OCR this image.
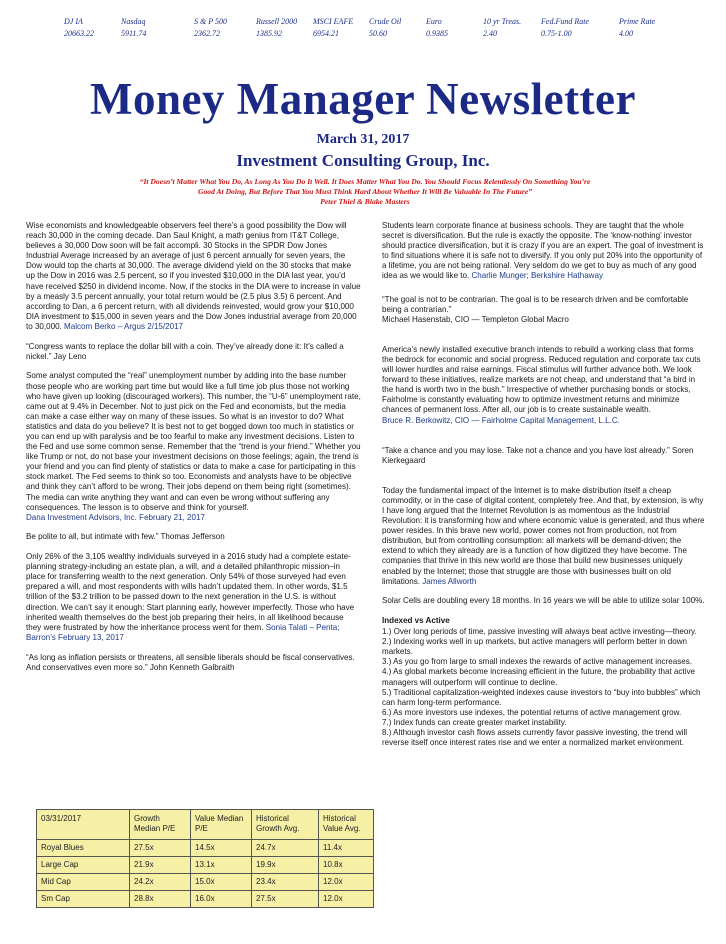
DJ IA
20663.22
Nasdaq
5911.74
S & P 500
2362.72
Russell 2000
1385.92
MSCI EAFE
6954.21
Crude Oil
50.60
Euro
0.9385
10 yr Treas.
2.40
Fed.Fund Rate
0.75-1.00
Prime Rate
4.00
Money Manager Newsletter
March 31, 2017
Investment Consulting Group, Inc.
“It Doesn’t Matter What You Do, As Long As You Do It Well. It Does Matter What You Do. You Should Focus Relentlessly On Something You’re
Good At Doing, But Before That You Must Think Hard About Whether It Will Be Valuable In The Future”
Peter Thiel & Blake Masters

Wise economists and knowledgeable observers feel there’s a good possibility the Dow will reach 30,000 in the coming decade. Dan Saul Knight, a math genius from IT&T College, believes a 30,000 Dow soon will be fait accompli. 30 Stocks in the SPDR Dow Jones Industrial Average increased by an average of just 6 percent annually for seven years, the Dow would top the charts at 30,000. The average dividend yield on the 30 stocks that make up the Dow in 2016 was 2.5 percent, so if you invested $10,000 in the DIA last year, you’d have received $250 in dividend income. Now, if the stocks in the DIA were to increase in value by a measly 3.5 percent annually, your total return would be (2.5 plus 3.5) 6 percent. And according to Dan, a 6 percent return, with all dividends reinvested, would grow your $10,000 DIA investment to $15,000 in seven years and the Dow Jones industrial average from 20,000 to 30,000. Malcom Berko – Argus 2/15/2017

“Congress wants to replace the dollar bill with a coin. They’ve already done it: It’s called a nickel.” Jay Leno

Some analyst computed the “real” unemployment number by adding into the base number those people who are working part time but would like a full time job plus those not working who have given up looking (discouraged workers). This number, the “U-6” unemployment rate, came out at 9.4% in December. Not to just pick on the Fed and economists, but the media can make a case either way on many of these issues. So what is an investor to do? What statistics and data do you believe? It is best not to get bogged down too much in statistics or you can end up with paralysis and be too fearful to make any investment decisions. Listen to the Fed and use some common sense. Remember that the “trend is your friend.” Whether you like Trump or not, do not base your investment decisions on those feelings; again, the trend is your friend and you can find plenty of statistics or data to make a case for participating in this stock market. The Fed seems to think so too. Economists and analysts have to be objective and think they can’t afford to be wrong. Their jobs depend on them being right (sometimes). The media can write anything they want and can even be wrong without suffering any consequences. The lesson is to observe and think for yourself.
Dana Investment Advisors, Inc. February 21, 2017

Be polite to all, but intimate with few.” Thomas Jefferson

Only 26% of the 3,105 wealthy individuals surveyed in a 2016 study had a complete estate-planning strategy-including an estate plan, a will, and a detailed philanthropic mission–in place for transferring wealth to the next generation. Only 54% of those surveyed had even prepared a will, and most respondents with wills hadn’t updated them. In other words, $1.5 trillion of the $3.2 trillion to be passed down to the next generation in the U.S. is without direction. We can’t say it enough: Start planning early, however imperfectly. Those who have inherited wealth themselves do the best job preparing their heirs, in all likelihood because they were frustrated by how the inheritance process went for them. Sonia Talati – Penta; Barron’s February 13, 2017

“As long as inflation persists or threatens, all sensible liberals should be fiscal conservatives. And conservatives even more so.” John Kenneth Galbraith

Students learn corporate finance at business schools. They are taught that the whole secret is diversification. But the rule is exactly the opposite. The ‘know-nothing’ investor should practice diversification, but it is crazy if you are an expert. The goal of investment is to find situations where it is safe not to diversify. If you only put 20% into the opportunity of a lifetime, you are not being rational. Very seldom do we get to buy as much of any good idea as we would like to. Charlie Munger; Berkshire Hathaway

“The goal is not to be contrarian. The goal is to be research driven and be comfortable being a contrarian.”
Michael Hasenstab, CIO — Templeton Global Macro

America’s newly installed executive branch intends to rebuild a working class that forms the bedrock for economic and social progress. Reduced regulation and corporate tax cuts will lower hurdles and raise earnings. Fiscal stimulus will further advance both. We look forward to these initiatives, realize markets are not cheap, and understand that “a bird in the hand is worth two in the bush.” Irrespective of whether purchasing bonds or stocks, Fairholme is constantly evaluating how to optimize investment returns and minimize chances of permanent loss. After all, our job is to create sustainable wealth.
Bruce R. Berkowitz, CIO — Fairholme Capital Management, L.L.C.

“Take a chance and you may lose. Take not a chance and you have lost already.” Soren Kierkegaard

Today the fundamental impact of the Internet is to make distribution itself a cheap commodity, or in the case of digital content, completely free. And that, by extension, is why I have long argued that the Internet Revolution is as momentous as the Industrial Revolution: it is transforming how and where economic value is generated, and thus where power resides. In this brave new world, power comes not from production, not from distribution, but from controlling consumption: all markets will be demand-driven; the extend to which they already are is a function of how digitized they have become. The companies that thrive in this new world are those that build new businesses uniquely enabled by the Internet; those that struggle are those with businesses built on old limitations. James Allworth

Solar Cells are doubling every 18 months. In 16 years we will be able to utilize solar 100%.

Indexed vs Active
1.) Over long periods of time, passive investing will always beat active investing—theory.
2.) Indexing works well in up markets, but active managers will perform better in down markets.
3.) As you go from large to small indexes the rewards of active management increases.
4.) As global markets become increasing efficient in the future, the probability that active managers will outperform will continue to decline.
5.) Traditional capitalization-weighted indexes cause investors to “buy into bubbles” which can harm long-term performance.
6.) As more investors use indexes, the potential returns of active management grow.
7.) Index funds can create greater market instability.
8.) Although investor cash flows assets currently favor passive investing, the trend will reverse itself once interest rates rise and we enter a normalized market environment.
03/31/2017	Growth Median P/E	Value Median P/E	Historical Growth Avg.	Historical Value Avg.
Royal Blues	27.5x	14.5x	24.7x	11.4x
Large Cap	21.9x	13.1x	19.9x	10.8x
Mid Cap	24.2x	15.0x	23.4x	12.0x
Sm Cap	28.8x	16.0x	27.5x	12.0x
